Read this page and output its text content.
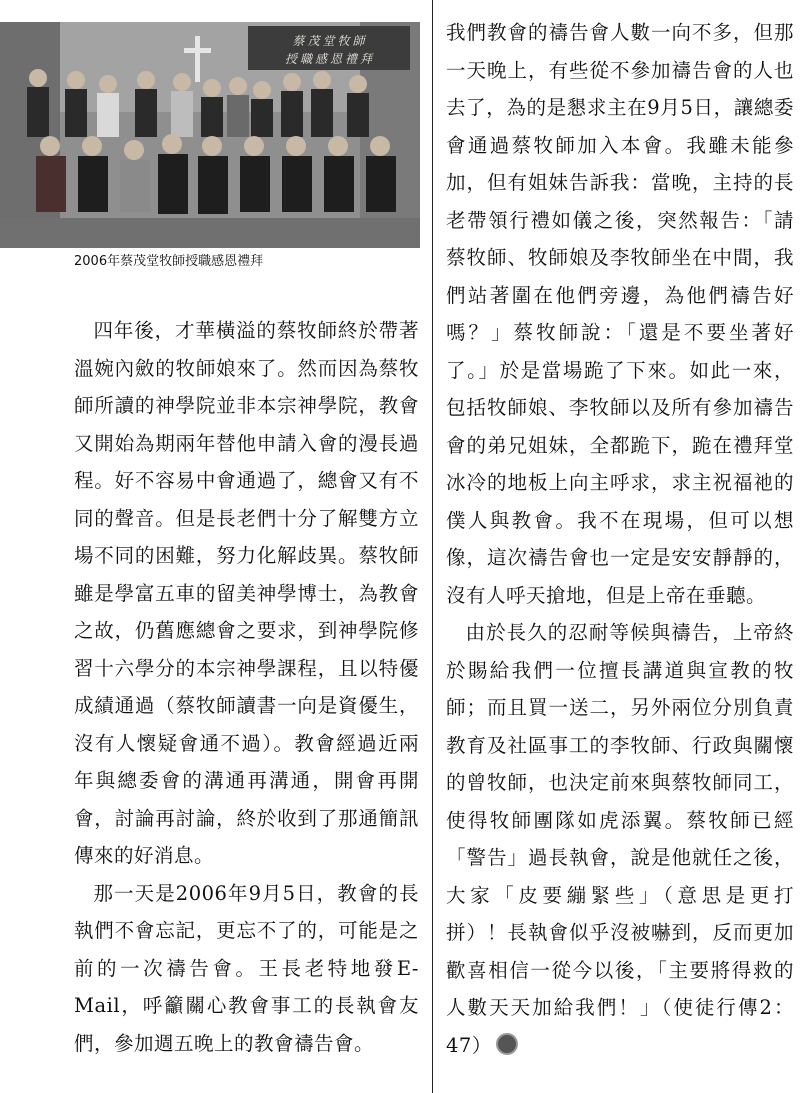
蔡茂堂牧師
授職感恩禮拜
2006年蔡茂堂牧師授職感恩禮拜

四年後，才華橫溢的蔡牧師終於帶著溫婉內斂的牧師娘來了。然而因為蔡牧師所讀的神學院並非本宗神學院，教會又開始為期兩年替他申請入會的漫長過程。好不容易中會通過了，總會又有不同的聲音。但是長老們十分了解雙方立場不同的困難，努力化解歧異。蔡牧師雖是學富五車的留美神學博士，為教會之故，仍舊應總會之要求，到神學院修習十六學分的本宗神學課程，且以特優成績通過（蔡牧師讀書一向是資優生，沒有人懷疑會通不過）。教會經過近兩年與總委會的溝通再溝通，開會再開會，討論再討論，終於收到了那通簡訊傳來的好消息。

那一天是2006年9月5日，教會的長執們不會忘記，更忘不了的，可能是之前的一次禱告會。王長老特地發E-Mail，呼籲關心教會事工的長執會友們，參加週五晚上的教會禱告會。

我們教會的禱告會人數一向不多，但那一天晚上，有些從不參加禱告會的人也去了，為的是懇求主在9月5日，讓總委會通過蔡牧師加入本會。我雖未能參加，但有姐妹告訴我：當晚，主持的長老帶領行禮如儀之後，突然報告：「請蔡牧師、牧師娘及李牧師坐在中間，我們站著圍在他們旁邊，為他們禱告好嗎？」蔡牧師說：「還是不要坐著好了。」於是當場跪了下來。如此一來，包括牧師娘、李牧師以及所有參加禱告會的弟兄姐妹，全都跪下，跪在禮拜堂冰冷的地板上向主呼求，求主祝福祂的僕人與教會。我不在現場，但可以想像，這次禱告會也一定是安安靜靜的，沒有人呼天搶地，但是上帝在垂聽。

由於長久的忍耐等候與禱告，上帝終於賜給我們一位擅長講道與宣教的牧師；而且買一送二，另外兩位分別負責教育及社區事工的李牧師、行政與關懷的曾牧師，也決定前來與蔡牧師同工，使得牧師團隊如虎添翼。蔡牧師已經「警告」過長執會，說是他就任之後，大家「皮要繃緊些」（意思是更打拼）！長執會似乎沒被嚇到，反而更加歡喜相信一從今以後，「主要將得救的人數天天加給我們！」（使徒行傳2：47）
